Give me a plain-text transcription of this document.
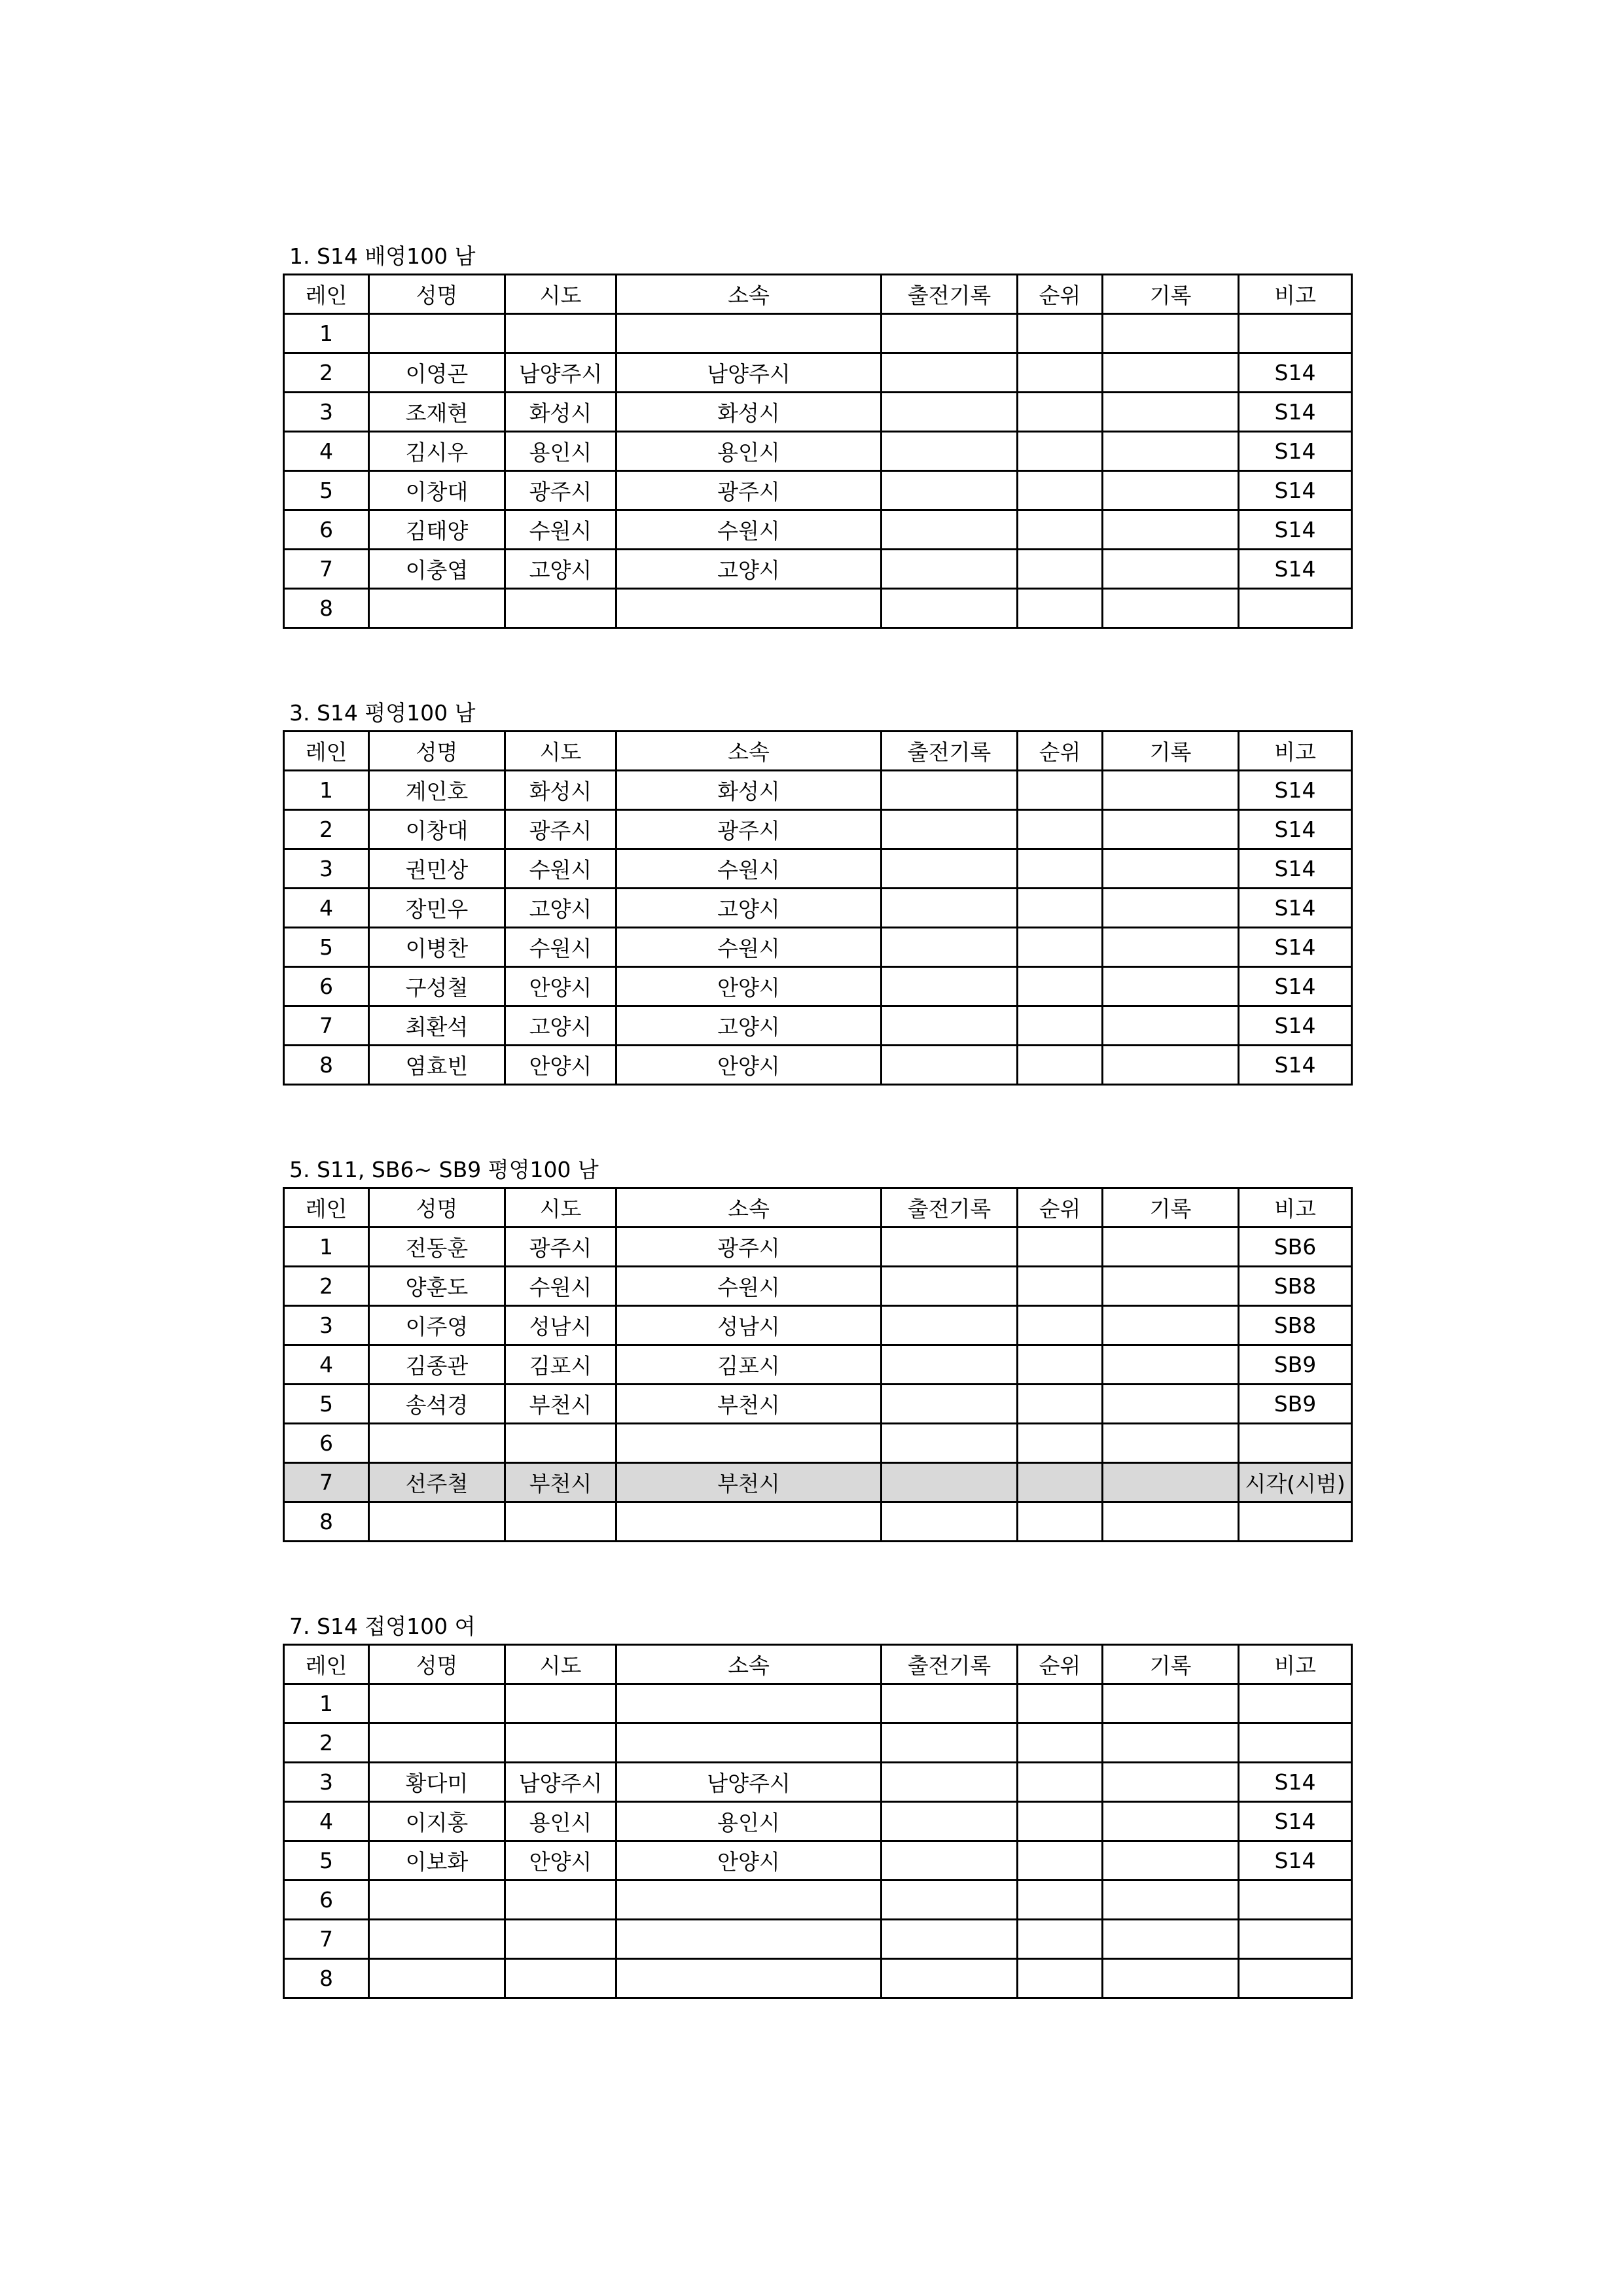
1. S14 배영100 남
레인	성명	시도	소속	출전기록	순위	기록	비고
1							
2	이영곤	남양주시	남양주시				S14
3	조재현	화성시	화성시				S14
4	김시우	용인시	용인시				S14
5	이창대	광주시	광주시				S14
6	김태양	수원시	수원시				S14
7	이충엽	고양시	고양시				S14
8							
3. S14 평영100 남
레인	성명	시도	소속	출전기록	순위	기록	비고
1	계인호	화성시	화성시				S14
2	이창대	광주시	광주시				S14
3	권민상	수원시	수원시				S14
4	장민우	고양시	고양시				S14
5	이병찬	수원시	수원시				S14
6	구성철	안양시	안양시				S14
7	최환석	고양시	고양시				S14
8	염효빈	안양시	안양시				S14
5. S11, SB6~ SB9 평영100 남
레인	성명	시도	소속	출전기록	순위	기록	비고
1	전동훈	광주시	광주시				SB6
2	양훈도	수원시	수원시				SB8
3	이주영	성남시	성남시				SB8
4	김종관	김포시	김포시				SB9
5	송석경	부천시	부천시				SB9
6							
7	선주철	부천시	부천시				시각(시범)
8							
7. S14 접영100 여
레인	성명	시도	소속	출전기록	순위	기록	비고
1							
2							
3	황다미	남양주시	남양주시				S14
4	이지홍	용인시	용인시				S14
5	이보화	안양시	안양시				S14
6							
7							
8							
